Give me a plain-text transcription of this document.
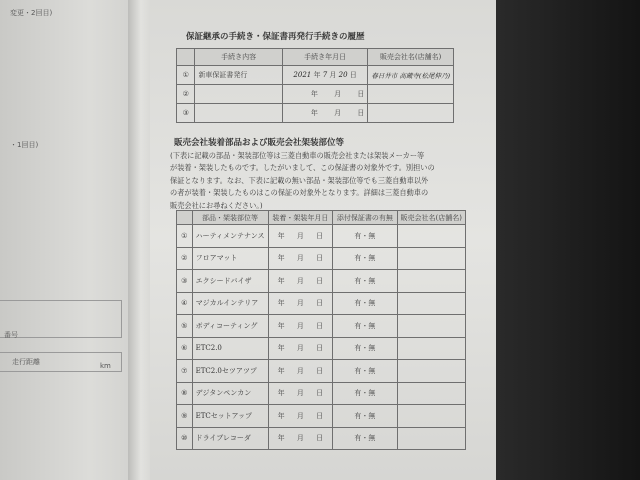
変更・2回目)
・1回目)
番号
走行距離	km
保証継承の手続き・保証書再発行手続きの履歴
	手続き内容	手続き年月日	販売会社名(店舗名)
①	新車保証書発行	2021 年 7 月 20 日	春日井市 高蔵寺(松尾伸乃)
②		年 月 日	
③		年 月 日	
販売会社装着部品および販売会社架装部位等
(下表に記載の部品・架装部位等は三菱自動車の販売会社または架装メーカー等
が装着・架装したものです。したがいまして、この保証書の対象外です。別担いの
保証となります。なお、下表に記載の無い部品・架装部位等でも三菱自動車以外
の者が装着・架装したものはこの保証の対象外となります。詳細は三菱自動車の
販売会社にお尋ねください。)
	部品・架装部位等	装着・架装年月日	添付保証書の有無	販売会社名(店舗名)
①	ハーティメンテナンス	年 月 日	有・無	
②	フロアマット	年 月 日	有・無	
③	エクシードバイザ	年 月 日	有・無	
④	マジカルインテリア	年 月 日	有・無	
⑤	ボディコーティング	年 月 日	有・無	
⑥	ETC2.0	年 月 日	有・無	
⑦	ETC2.0セツアツプ	年 月 日	有・無	
⑧	デジタンペンカン	年 月 日	有・無	
⑨	ETCセットアップ	年 月 日	有・無	
⑩	ドライブレコーダ	年 月 日	有・無	
